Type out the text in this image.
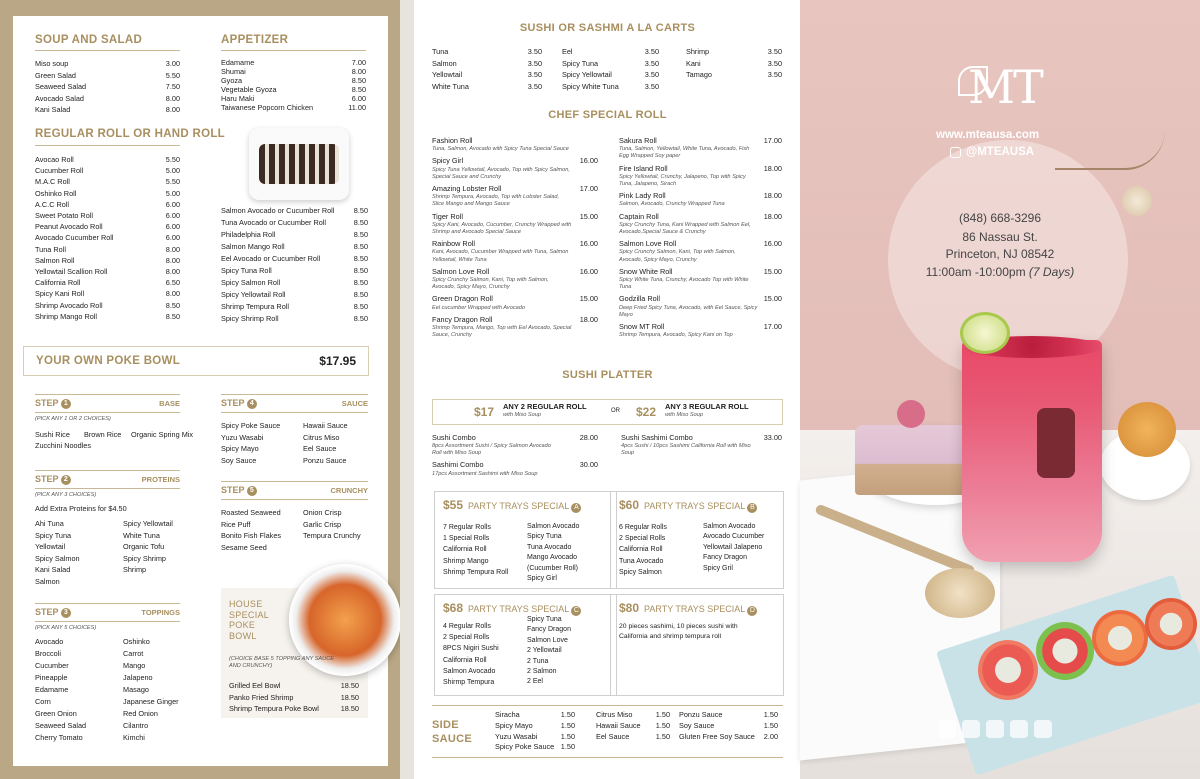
SOUP AND SALAD
Miso soup	3.00
Green Salad	5.50
Seaweed Salad	7.50
Avocado Salad	8.00
Kani Salad	8.00
APPETIZER
Edamame	7.00
Shumai	8.00
Gyoza	8.50
Vegetable Gyoza	8.50
Haru Maki	6.00
Taiwanese Popcorn Chicken	11.00
REGULAR ROLL OR HAND ROLL
Avocao Roll	5.50
Cucumber Roll	5.00
M.A.C Roll	5.50
Oshinko Roll	5.00
A.C.C Roll	6.00
Sweet Potato Roll	6.00
Peanut Avocado Roll	6.00
Avocado Cucumber Roll	6.00
Tuna Roll	8.00
Salmon Roll	8.00
Yellowtail Scallion Roll	8.00
California Roll	6.50
Spicy Kani Roll	8.00
Shrimp Avocado Roll	8.50
Shrimp Mango Roll	8.50
Salmon Avocado or Cucumber Roll	8.50
Tuna Avocado or Cucumber Roll	8.50
Philadelphia Roll	8.50
Salmon Mango Roll	8.50
Eel Avocado or Cucumber Roll	8.50
Spicy Tuna Roll	8.50
Spicy Salmon Roll	8.50
Spicy Yellowtail Roll	8.50
Shrimp Tempura Roll	8.50
Spicy Shrimp Roll	8.50
YOUR OWN POKE BOWL	$17.95
STEP 1	BASE
(PICK ANY 1 OR 2 CHOICES)
Sushi Rice Brown Rice Organic Spring Mix
Zucchini Noodles
STEP 2	PROTEINS
(PICK ANY 3 CHOICES)
Add Extra Proteins for $4.50
Ahi Tuna
Spicy Tuna
Yellowtail
Spicy Salmon
Kani Salad
Salmon
Spicy Yellowtail
White Tuna
Organic Tofu
Spicy Shrimp
Shrimp
STEP 3	TOPPINGS
(PICK ANY 5 CHOICES)
Avocado
Broccoli
Cucumber
Pineapple
Edamame
Corn
Green Onion
Seaweed Salad
Cherry Tomato
Oshinko
Carrot
Mango
Jalapeno
Masago
Japanese Ginger
Red Onion
Cilantro
Kimchi
STEP 4	SAUCE
Spicy Poke Sauce
Yuzu Wasabi
Spicy Mayo
Soy Sauce
Hawaii Sauce
Citrus Miso
Eel Sauce
Ponzu Sauce
STEP 5	CRUNCHY
Roasted Seaweed
Rice Puff
Bonito Fish Flakes
Sesame Seed
Onion Crisp
Garlic Crisp
Tempura Crunchy
HOUSE
SPECIAL
POKE
BOWL
(CHOICE BASE 5 TOPPING ANY SAUCE AND CRUNCHY)
Grilled Eel Bowl	18.50
Panko Fried Shrimp	18.50
Shrimp Tempura Poke Bowl	18.50
SUSHI OR SASHMI A LA CARTS
Tuna	3.50
Salmon	3.50
Yellowtail	3.50
White Tuna	3.50
Eel	3.50
Spicy Tuna	3.50
Spicy Yellowtail	3.50
Spicy White Tuna	3.50
Shrimp	3.50
Kani	3.50
Tamago	3.50
CHEF SPECIAL ROLL
Fashion Roll
Tuna, Salmon, Avocado with Spicy Tuna Special Sauce
Spicy Girl	16.00
Spicy Tuna Yellowtail, Avocado, Top with Spicy Salmon, Special Sauce and Crunchy
Amazing Lobster Roll	17.00
Shrimp Tempura, Avocado, Top with Lobster Salad, Slice Mango and Mango Sauce
Tiger Roll	15.00
Spicy Kani, Avocado, Cucumber, Crunchy Wrapped with Shrimp and Avocado Special Sauce
Rainbow Roll	16.00
Kani, Avocado, Cucumber Wrapped with Tuna, Salmon Yellowtail, White Tuna
Salmon Love Roll	16.00
Spicy Crunchy Salmon, Kani, Top with Salmon, Avocado, Spicy Mayo, Crunchy
Green Dragon Roll	15.00
Eel cucumber Wrapped with Avocado
Fancy Dragon Roll	18.00
Shrimp Tempura, Mango, Top with Eel Avocado, Special Sauce, Crunchy
Sakura Roll	17.00
Tuna, Salmon, Yellowtail, White Tuna, Avocado, Fish Egg Wrapped Soy paper
Fire Island Roll	18.00
Spicy Yellowtail, Crunchy, Jalapeno, Top with Spicy Tuna, Jalapeno, Sirach
Pink Lady Roll	18.00
Salmon, Avocado, Crunchy Wrapped Tuna
Captain Roll	18.00
Spicy Crunchy Tuna, Kani Wrapped with Salmon Eel, Avocado,Special Sauce & Crunchy
Salmon Love Roll	16.00
Spicy Crunchy Salmon, Kani, Top with Salmon, Avocado, Spicy Mayo, Crunchy
Snow White Roll	15.00
Spicy White Tuna, Crunchy, Avocado Top with White Tuna
Godzilla Roll	15.00
Deep Fried Spicy Tuna, Avocado, with Eel Sauce, Spicy Mayo
Snow MT Roll	17.00
Shrimp Tempura, Avocado, Spicy Kani on Top
SUSHI PLATTER
$17 ANY 2 REGULAR ROLL
with Miso Soup
OR $22 ANY 3 REGULAR ROLL
with Miso Soup
Sushi Combo	28.00
8pcs Assortment Sushi / Spicy Salmon Avocado Roll with Miso Soup
Sashimi Combo	30.00
17pcs Assortment Sashimi with Miso Soup
Sushi Sashimi Combo	33.00
4pcs Sushi / 10pcs Sashimi California Roll with Miso Soup
$55 PARTY TRAYS SPECIAL A
7 Regular Rolls
1 Special Rolls
California Roll
Shrimp Mango
Shrimp Tempura Roll
Salmon Avocado
Spicy Tuna
Tuna Avocado
Mango Avocado
(Cucumber Roll)
Spicy Girl
$60 PARTY TRAYS SPECIAL B
6 Regular Rolls
2 Special Rolls
California Roll
Tuna Avocado
Spicy Salmon
Salmon Avocado
Avocado Cucumber
Yellowtail Jalapeno
Fancy Dragon
Spicy Gril
$68 PARTY TRAYS SPECIAL C
4 Regular Rolls
2 Special Rolls
8PCS Nigiri Sushi
California Roll
Salmon Avocado
Shirmp Tempura
Spicy Tuna
Fancy Dragon
Salmon Love
2 Yellowtail
2 Tuna
2 Salmon
2 Eel
$80 PARTY TRAYS SPECIAL D
20 pieces sashimi, 10 pieces sushi with
California and shrimp tempura roll
SIDE
SAUCE
Siracha	1.50
Spicy Mayo	1.50
Yuzu Wasabi	1.50
Spicy Poke Sauce 1.50
Citrus Miso	1.50
Hawaii Sauce 1.50
Eel Sauce	1.50
Ponzu Sauce	1.50
Soy Sauce	1.50
Gluten Free Soy Sauce 2.00
MT
www.mteausa.com
@MTEAUSA
(848) 668-3296
86 Nassau St.
Princeton, NJ 08542
11:00am -10:00pm (7 Days)
